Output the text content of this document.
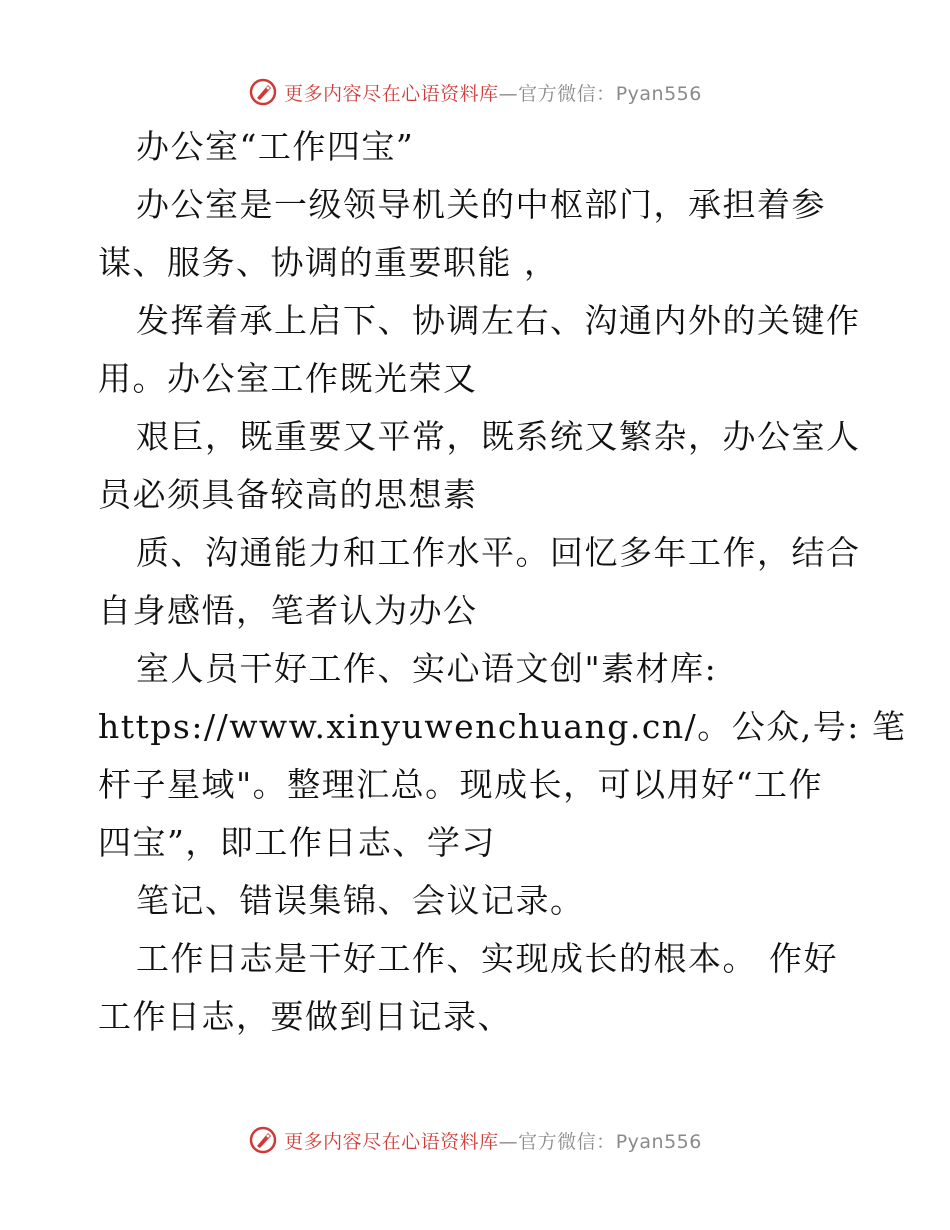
更多内容尽在心语资料库—官方微信：Pyan556
办公室“工作四宝”
办公室是一级领导机关的中枢部门，承担着参
谋、服务、协调的重要职能 ，
发挥着承上启下、协调左右、沟通内外的关键作
用。办公室工作既光荣又
艰巨，既重要又平常，既系统又繁杂，办公室人
员必须具备较高的思想素
质、沟通能力和工作水平。回忆多年工作，结合
自身感悟，笔者认为办公
室人员干好工作、实心语文创"素材库:
https://www.xinyuwenchuang.cn/。公众,号: 笔
杆子星域"。整理汇总。现成长，可以用好“工作
四宝”，即工作日志、学习
笔记、错误集锦、会议记录。
工作日志是干好工作、实现成长的根本。 作好
工作日志，要做到日记录、
更多内容尽在心语资料库—官方微信：Pyan556
